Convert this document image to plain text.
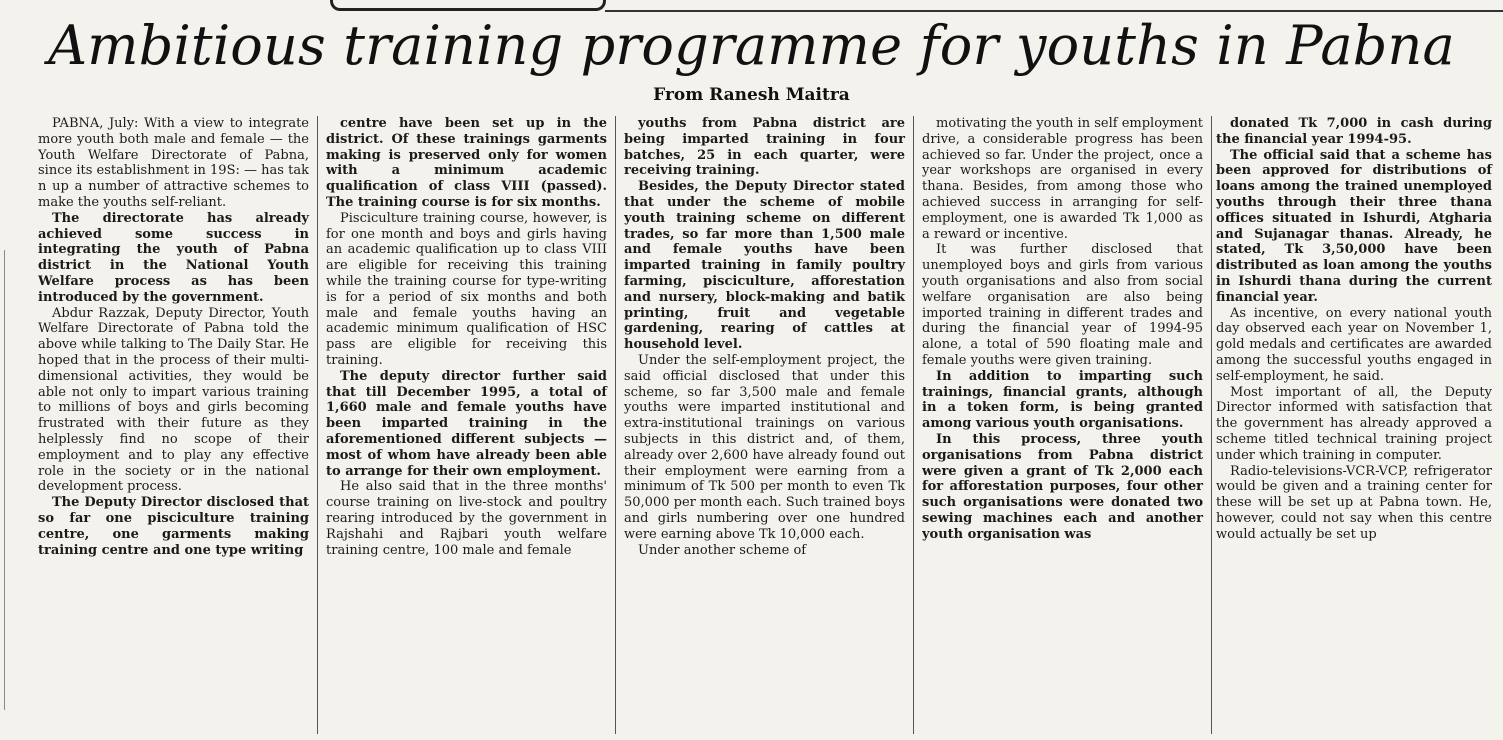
Ambitious training programme for youths in Pabna
From Ranesh Maitra

PABNA, July: With a view to integrate more youth both male and female — the Youth Welfare Directorate of Pabna, since its establishment in 19S: — has tak n up a number of attractive schemes to make the youths self-reliant.

The directorate has already achieved some success in integrating the youth of Pabna district in the National Youth Welfare process as has been introduced by the government.

Abdur Razzak, Deputy Director, Youth Welfare Directorate of Pabna told the above while talking to The Daily Star. He hoped that in the process of their multi-dimensional activities, they would be able not only to impart various training to millions of boys and girls becoming frustrated with their future as they helplessly find no scope of their employment and to play any effective role in the society or in the national development process.

The Deputy Director disclosed that so far one pisciculture training centre, one garments making training centre and one type writing

centre have been set up in the district. Of these trainings garments making is preserved only for women with a minimum academic qualification of class VIII (passed). The training course is for six months.

Pisciculture training course, however, is for one month and boys and girls having an academic qualification up to class VIII are eligible for receiving this training while the training course for type-writing is for a period of six months and both male and female youths having an academic minimum qualification of HSC pass are eligible for receiving this training.

The deputy director further said that till December 1995, a total of 1,660 male and female youths have been imparted training in the aforementioned different subjects — most of whom have already been able to arrange for their own employment.

He also said that in the three months' course training on live-stock and poultry rearing introduced by the government in Rajshahi and Rajbari youth welfare training centre, 100 male and female

youths from Pabna district are being imparted training in four batches, 25 in each quarter, were receiving training.

Besides, the Deputy Director stated that under the scheme of mobile youth training scheme on different trades, so far more than 1,500 male and female youths have been imparted training in family poultry farming, pisciculture, afforestation and nursery, block-making and batik printing, fruit and vegetable gardening, rearing of cattles at household level.

Under the self-employment project, the said official disclosed that under this scheme, so far 3,500 male and female youths were imparted institutional and extra-institutional trainings on various subjects in this district and, of them, already over 2,600 have already found out their employment were earning from a minimum of Tk 500 per month to even Tk 50,000 per month each. Such trained boys and girls numbering over one hundred were earning above Tk 10,000 each.

Under another scheme of

motivating the youth in self employment drive, a considerable progress has been achieved so far. Under the project, once a year workshops are organised in every thana. Besides, from among those who achieved success in arranging for self-employment, one is awarded Tk 1,000 as a reward or incentive.

It was further disclosed that unemployed boys and girls from various youth organisations and also from social welfare organisation are also being imported training in different trades and during the financial year of 1994-95 alone, a total of 590 floating male and female youths were given training.

In addition to imparting such trainings, financial grants, although in a token form, is being granted among various youth organisations.

In this process, three youth organisations from Pabna district were given a grant of Tk 2,000 each for afforestation purposes, four other such organisations were donated two sewing machines each and another youth organisation was

donated Tk 7,000 in cash during the financial year 1994-95.

The official said that a scheme has been approved for distributions of loans among the trained unemployed youths through their three thana offices situated in Ishurdi, Atgharia and Sujanagar thanas. Already, he stated, Tk 3,50,000 have been distributed as loan among the youths in Ishurdi thana during the current financial year.

As incentive, on every national youth day observed each year on November 1, gold medals and certificates are awarded among the successful youths engaged in self-employment, he said.

Most important of all, the Deputy Director informed with satisfaction that the government has already approved a scheme titled technical training project under which training in computer.

Radio-televisions-VCR-VCP, refrigerator would be given and a training center for these will be set up at Pabna town. He, however, could not say when this centre would actually be set up
